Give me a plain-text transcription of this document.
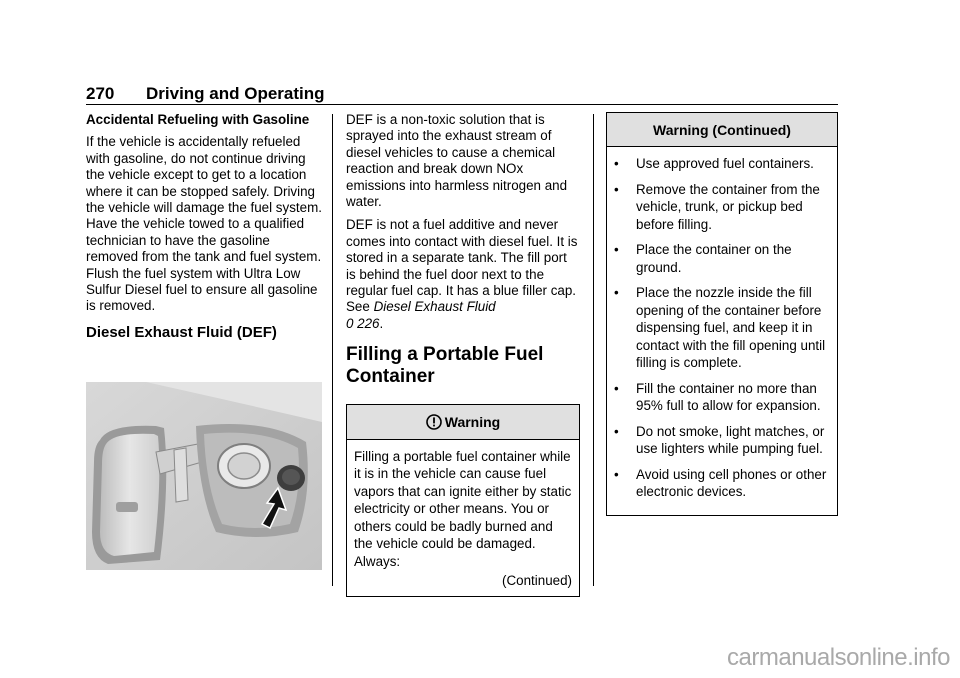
270 Driving and Operating

Accidental Refueling with Gasoline

If the vehicle is accidentally refueled with gasoline, do not continue driving the vehicle except to get to a location where it can be stopped safely. Driving the vehicle will damage the fuel system. Have the vehicle towed to a qualified technician to have the gasoline removed from the tank and fuel system. Flush the fuel system with Ultra Low Sulfur Diesel fuel to ensure all gasoline is removed.

Diesel Exhaust Fluid (DEF)

DEF is a non-toxic solution that is sprayed into the exhaust stream of diesel vehicles to cause a chemical reaction and break down NOx emissions into harmless nitrogen and water.

DEF is not a fuel additive and never comes into contact with diesel fuel. It is stored in a separate tank. The fill port is behind the fuel door next to the regular fuel cap. It has a blue filler cap. See Diesel Exhaust Fluid
0 226.

Filling a Portable Fuel Container
Warning
Filling a portable fuel container while it is in the vehicle can cause fuel vapors that can ignite either by static electricity or other means. You or others could be badly burned and the vehicle could be damaged. Always:
(Continued)
Warning (Continued)
•	Use approved fuel containers.
•	Remove the container from the vehicle, trunk, or pickup bed before filling.
•	Place the container on the ground.
•	Place the nozzle inside the fill opening of the container before dispensing fuel, and keep it in contact with the fill opening until filling is complete.
•	Fill the container no more than 95% full to allow for expansion.
•	Do not smoke, light matches, or use lighters while pumping fuel.
•	Avoid using cell phones or other electronic devices.
carmanualsonline.info
